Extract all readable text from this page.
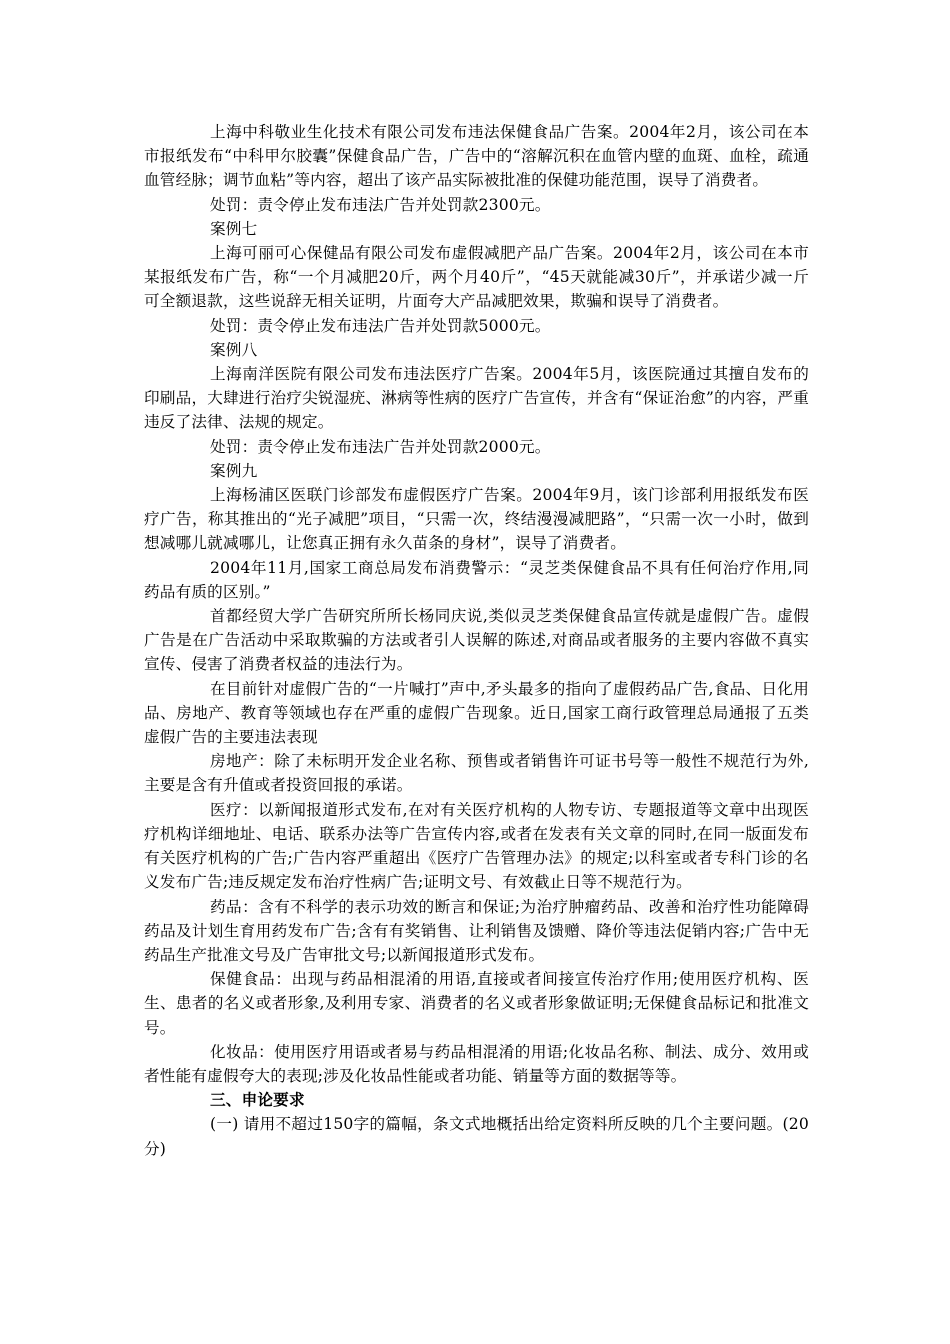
上海中科敬业生化技术有限公司发布违法保健食品广告案。2004年2月，该公司在本市报纸发布“中科甲尔胶囊”保健食品广告，广告中的“溶解沉积在血管内壁的血斑、血栓，疏通血管经脉；调节血粘”等内容，超出了该产品实际被批准的保健功能范围，误导了消费者。

处罚：责令停止发布违法广告并处罚款2300元。

案例七

上海可丽可心保健品有限公司发布虚假减肥产品广告案。2004年2月，该公司在本市某报纸发布广告，称“一个月减肥20斤，两个月40斤”，“45天就能减30斤”，并承诺少减一斤可全额退款，这些说辞无相关证明，片面夸大产品减肥效果，欺骗和误导了消费者。

处罚：责令停止发布违法广告并处罚款5000元。

案例八

上海南洋医院有限公司发布违法医疗广告案。2004年5月，该医院通过其擅自发布的印刷品，大肆进行治疗尖锐湿疣、淋病等性病的医疗广告宣传，并含有“保证治愈”的内容，严重违反了法律、法规的规定。

处罚：责令停止发布违法广告并处罚款2000元。

案例九

上海杨浦区医联门诊部发布虚假医疗广告案。2004年9月，该门诊部利用报纸发布医疗广告，称其推出的“光子减肥”项目，“只需一次，终结漫漫减肥路”，“只需一次一小时，做到想减哪儿就减哪儿，让您真正拥有永久苗条的身材”，误导了消费者。

2004年11月,国家工商总局发布消费警示：“灵芝类保健食品不具有任何治疗作用,同药品有质的区别。”

首都经贸大学广告研究所所长杨同庆说,类似灵芝类保健食品宣传就是虚假广告。虚假广告是在广告活动中采取欺骗的方法或者引人误解的陈述,对商品或者服务的主要内容做不真实宣传、侵害了消费者权益的违法行为。

在目前针对虚假广告的“一片喊打”声中,矛头最多的指向了虚假药品广告,食品、日化用品、房地产、教育等领域也存在严重的虚假广告现象。近日,国家工商行政管理总局通报了五类虚假广告的主要违法表现

房地产：除了未标明开发企业名称、预售或者销售许可证书号等一般性不规范行为外,主要是含有升值或者投资回报的承诺。

医疗：以新闻报道形式发布,在对有关医疗机构的人物专访、专题报道等文章中出现医疗机构详细地址、电话、联系办法等广告宣传内容,或者在发表有关文章的同时,在同一版面发布有关医疗机构的广告;广告内容严重超出《医疗广告管理办法》的规定;以科室或者专科门诊的名义发布广告;违反规定发布治疗性病广告;证明文号、有效截止日等不规范行为。

药品：含有不科学的表示功效的断言和保证;为治疗肿瘤药品、改善和治疗性功能障碍药品及计划生育用药发布广告;含有有奖销售、让利销售及馈赠、降价等违法促销内容;广告中无药品生产批准文号及广告审批文号;以新闻报道形式发布。

保健食品：出现与药品相混淆的用语,直接或者间接宣传治疗作用;使用医疗机构、医生、患者的名义或者形象,及利用专家、消费者的名义或者形象做证明;无保健食品标记和批准文号。

化妆品：使用医疗用语或者易与药品相混淆的用语;化妆品名称、制法、成分、效用或者性能有虚假夸大的表现;涉及化妆品性能或者功能、销量等方面的数据等等。

三、申论要求

(一) 请用不超过150字的篇幅，条文式地概括出给定资料所反映的几个主要问题。(20分)
